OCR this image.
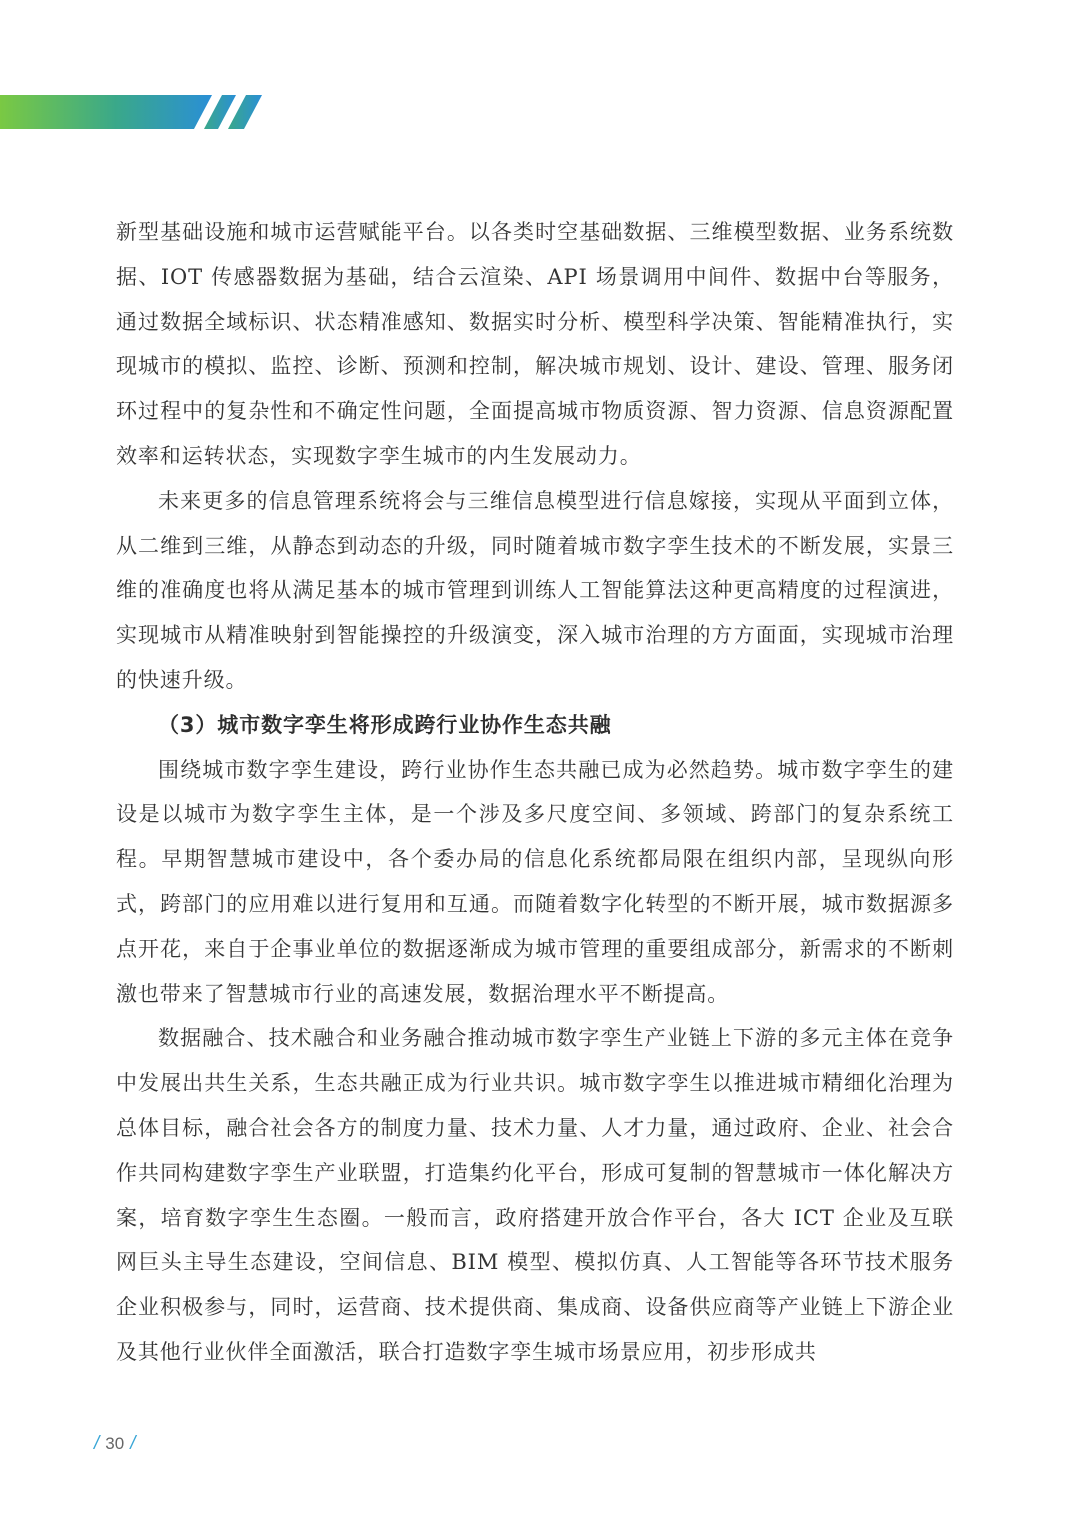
新型基础设施和城市运营赋能平台。以各类时空基础数据、三维模型数据、业务系统数据、IOT 传感器数据为基础，结合云渲染、API 场景调用中间件、数据中台等服务，通过数据全域标识、状态精准感知、数据实时分析、模型科学决策、智能精准执行，实现城市的模拟、监控、诊断、预测和控制，解决城市规划、设计、建设、管理、服务闭环过程中的复杂性和不确定性问题，全面提高城市物质资源、智力资源、信息资源配置效率和运转状态，实现数字孪生城市的内生发展动力。

未来更多的信息管理系统将会与三维信息模型进行信息嫁接，实现从平面到立体，从二维到三维，从静态到动态的升级，同时随着城市数字孪生技术的不断发展，实景三维的准确度也将从满足基本的城市管理到训练人工智能算法这种更高精度的过程演进，实现城市从精准映射到智能操控的升级演变，深入城市治理的方方面面，实现城市治理的快速升级。

（3）城市数字孪生将形成跨行业协作生态共融

围绕城市数字孪生建设，跨行业协作生态共融已成为必然趋势。城市数字孪生的建设是以城市为数字孪生主体，是一个涉及多尺度空间、多领域、跨部门的复杂系统工程。早期智慧城市建设中，各个委办局的信息化系统都局限在组织内部，呈现纵向形式，跨部门的应用难以进行复用和互通。而随着数字化转型的不断开展，城市数据源多点开花，来自于企事业单位的数据逐渐成为城市管理的重要组成部分，新需求的不断刺激也带来了智慧城市行业的高速发展，数据治理水平不断提高。

数据融合、技术融合和业务融合推动城市数字孪生产业链上下游的多元主体在竞争中发展出共生关系，生态共融正成为行业共识。城市数字孪生以推进城市精细化治理为总体目标，融合社会各方的制度力量、技术力量、人才力量，通过政府、企业、社会合作共同构建数字孪生产业联盟，打造集约化平台，形成可复制的智慧城市一体化解决方案，培育数字孪生生态圈。一般而言，政府搭建开放合作平台，各大 ICT 企业及互联网巨头主导生态建设，空间信息、BIM 模型、模拟仿真、人工智能等各环节技术服务企业积极参与，同时，运营商、技术提供商、集成商、设备供应商等产业链上下游企业及其他行业伙伴全面激活，联合打造数字孪生城市场景应用，初步形成共

/ 30 /
